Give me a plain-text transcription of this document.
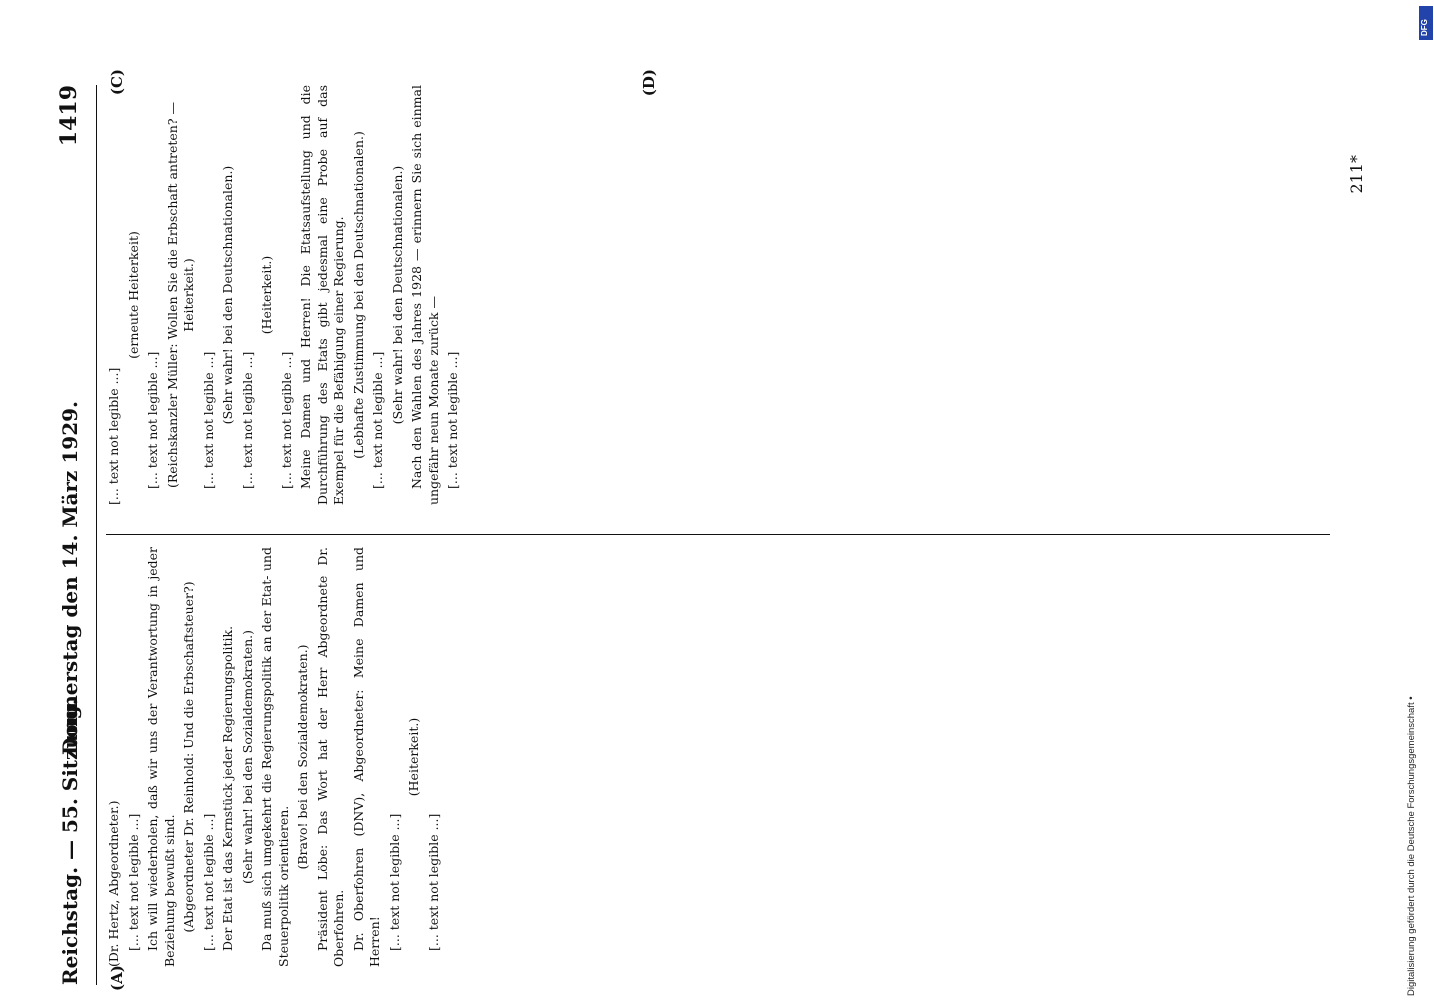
Reichstag. — 55. Sitzung.
Donnerstag den 14. März 1929.
1419
(A)
(C)	(D)

(Dr. Hertz, Abgeordneter.) [... text not legible ...] Ich will wiederholen, daß wir uns der Verantwortung in jeder Beziehung bewußt sind. (Abgeordneter Dr. Reinhold: Und die Erbschaftsteuer?) [... text not legible ...] Der Etat ist das Kernstück jeder Regierungspolitik. (Sehr wahr! bei den Sozialdemokraten.) Da muß sich umgekehrt die Regierungspolitik an der Etat- und Steuerpolitik orientieren.

(Bravo! bei den Sozialdemokraten.) Präsident Löbe: Das Wort hat der Herr Abgeordnete Dr. Oberfohren. Dr. Oberfohren (DNV), Abgeordneter: Meine Damen und Herren! [... text not legible ...]

(Heiterkeit.)

[... text not legible ...]

[... text not legible ...]

(erneute Heiterkeit)

[... text not legible ...] (Reichskanzler Müller: Wollen Sie die Erbschaft antreten? — Heiterkeit.)

[... text not legible ...] (Sehr wahr! bei den Deutschnationalen.) [... text not legible ...]

(Heiterkeit.)

[... text not legible ...] Meine Damen und Herren! Die Etatsaufstellung und die Durchführung des Etats gibt jedesmal eine Probe auf das Exempel für die Befähigung einer Regierung. (Lebhafte Zustimmung bei den Deutschnationalen.) [... text not legible ...] (Sehr wahr! bei den Deutschnationalen.) Nach den Wahlen des Jahres 1928 — erinnern Sie sich einmal ungefähr neun Monate zurück — [... text not legible ...]

211*
Digitalisierung gefördert durch die Deutsche Forschungsgemeinschaft •
DFG
